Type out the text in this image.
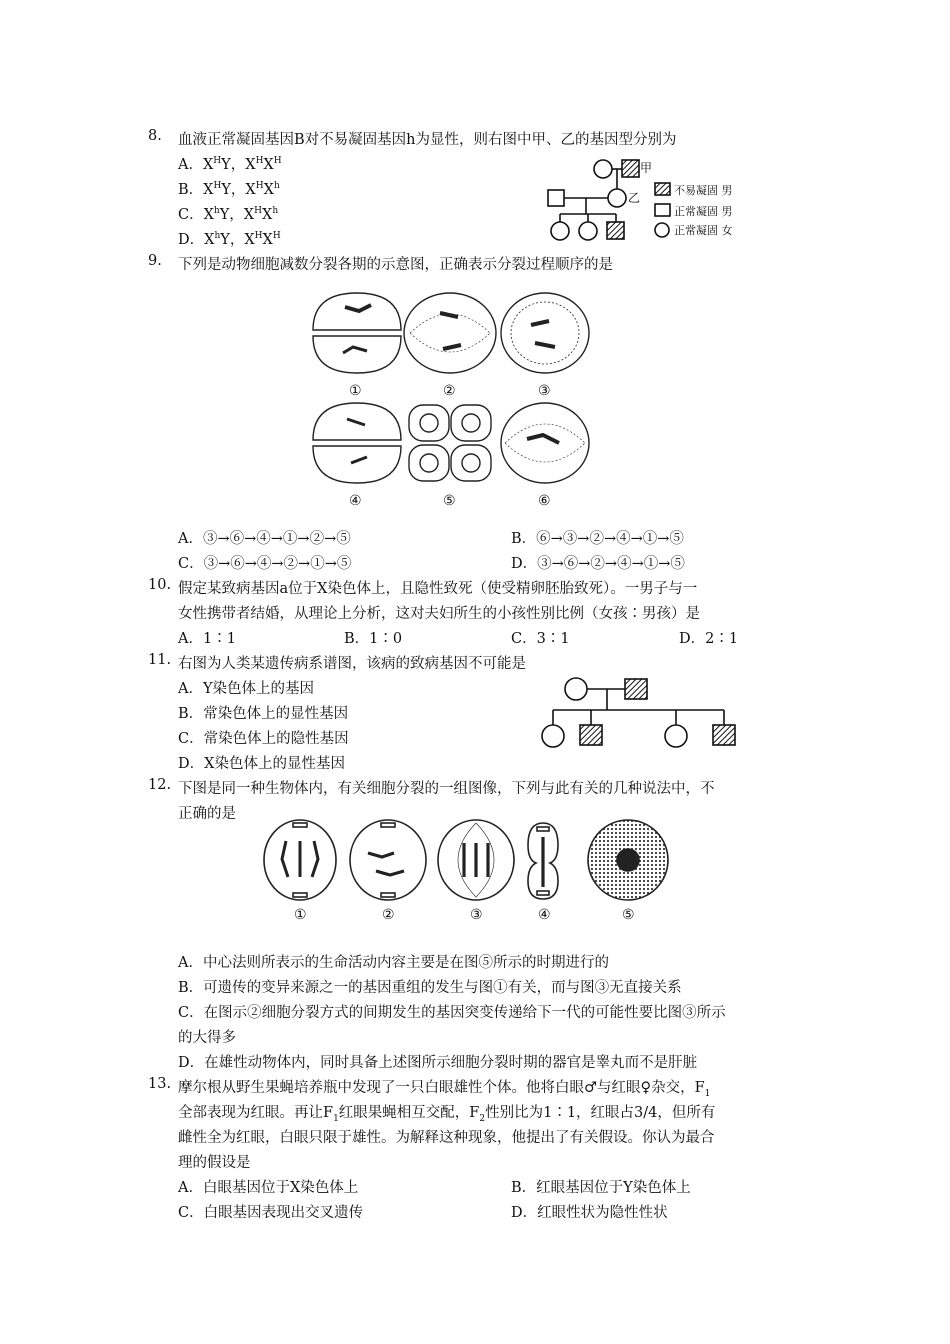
8. 血液正常凝固基因B对不易凝固基因h为显性，则右图中甲、乙的基因型分别为
A．$X^HY$，$X^HX^H$
B．$X^HY$，$X^HX^h$
C．$X^hY$，$X^HX^h$
D．$X^hY$，$X^HX^H$
甲
乙
不易凝固 男
正常凝固 男
正常凝固 女
9. 下列是动物细胞减数分裂各期的示意图，正确表示分裂过程顺序的是
①	②	③
④	⑤	⑥
A．③→⑥→④→①→②→⑤	B．⑥→③→②→④→①→⑤
C．③→⑥→④→②→①→⑤	D．③→⑥→②→④→①→⑤
10. 假定某致病基因a位于X染色体上，且隐性致死（使受精卵胚胎致死）。一男子与一
女性携带者结婚，从理论上分析，这对夫妇所生的小孩性别比例（女孩∶男孩）是
A．1∶1	B．1∶0	C．3∶1	D．2∶1
11. 右图为人类某遗传病系谱图，该病的致病基因不可能是
A．Y染色体上的基因
B．常染色体上的显性基因
C．常染色体上的隐性基因
D．X染色体上的显性基因
12. 下图是同一种生物体内，有关细胞分裂的一组图像，下列与此有关的几种说法中，不
正确的是
①	②	③	④	⑤
A．中心法则所表示的生命活动内容主要是在图⑤所示的时期进行的
B．可遗传的变异来源之一的基因重组的发生与图①有关，而与图③无直接关系
C．在图示②细胞分裂方式的间期发生的基因突变传递给下一代的可能性要比图③所示
的大得多
D．在雄性动物体内，同时具备上述图所示细胞分裂时期的器官是睾丸而不是肝脏
13. 摩尔根从野生果蝇培养瓶中发现了一只白眼雄性个体。他将白眼♂与红眼♀杂交，$F_1$
全部表现为红眼。再让$F_1$红眼果蝇相互交配，$F_2$性别比为1∶1，红眼占3/4，但所有
雌性全为红眼，白眼只限于雄性。为解释这种现象，他提出了有关假设。你认为最合
理的假设是
A．白眼基因位于X染色体上	B．红眼基因位于Y染色体上
C．白眼基因表现出交叉遗传	D．红眼性状为隐性性状
